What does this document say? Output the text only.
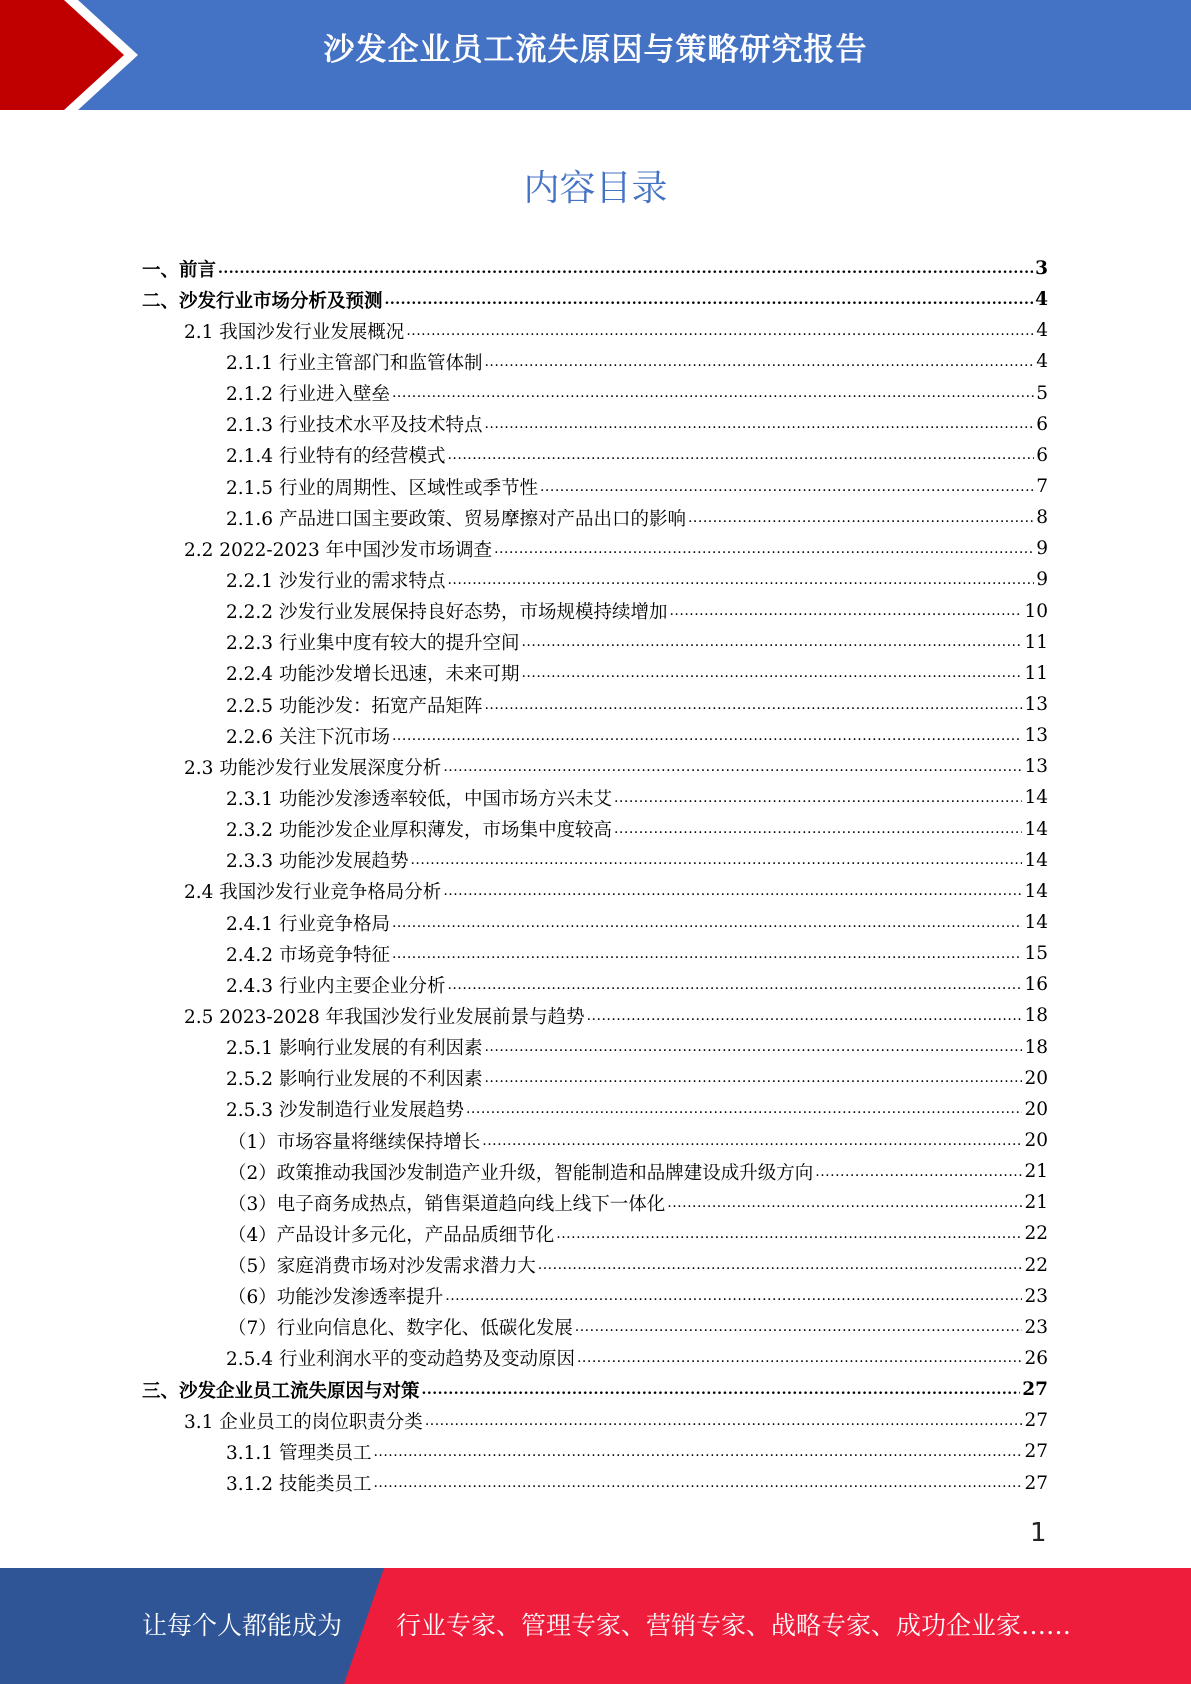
沙发企业员工流失原因与策略研究报告
内容目录
一、前言 .....	3
二、沙发行业市场分析及预测 .....	4
2.1 我国沙发行业发展概况 .....	4
2.1.1 行业主管部门和监管体制 .....	4
2.1.2 行业进入壁垒 .....	5
2.1.3 行业技术水平及技术特点 .....	6
2.1.4 行业特有的经营模式 .....	6
2.1.5 行业的周期性、区域性或季节性 .....	7
2.1.6 产品进口国主要政策、贸易摩擦对产品出口的影响 .....	8
2.2 2022-2023 年中国沙发市场调查 .....	9
2.2.1 沙发行业的需求特点 .....	9
2.2.2 沙发行业发展保持良好态势，市场规模持续增加 .....	10
2.2.3 行业集中度有较大的提升空间 .....	11
2.2.4 功能沙发增长迅速，未来可期 .....	11
2.2.5 功能沙发：拓宽产品矩阵 .....	13
2.2.6 关注下沉市场 .....	13
2.3 功能沙发行业发展深度分析 .....	13
2.3.1 功能沙发渗透率较低，中国市场方兴未艾 .....	14
2.3.2 功能沙发企业厚积薄发，市场集中度较高 .....	14
2.3.3 功能沙发展趋势 .....	14
2.4 我国沙发行业竞争格局分析 .....	14
2.4.1 行业竞争格局 .....	14
2.4.2 市场竞争特征 .....	15
2.4.3 行业内主要企业分析 .....	16
2.5 2023-2028 年我国沙发行业发展前景与趋势 .....	18
2.5.1 影响行业发展的有利因素 .....	18
2.5.2 影响行业发展的不利因素 .....	20
2.5.3 沙发制造行业发展趋势 .....	20
（1）市场容量将继续保持增长 .....	20
（2）政策推动我国沙发制造产业升级，智能制造和品牌建设成升级方向 .....	21
（3）电子商务成热点，销售渠道趋向线上线下一体化 .....	21
（4）产品设计多元化，产品品质细节化 .....	22
（5）家庭消费市场对沙发需求潜力大 .....	22
（6）功能沙发渗透率提升 .....	23
（7）行业向信息化、数字化、低碳化发展 .....	23
2.5.4 行业利润水平的变动趋势及变动原因 .....	26
三、沙发企业员工流失原因与对策 .....	27
3.1 企业员工的岗位职责分类 .....	27
3.1.1 管理类员工 .....	27
3.1.2 技能类员工 .....	27
1
让每个人都能成为 行业专家、管理专家、营销专家、战略专家、成功企业家……
